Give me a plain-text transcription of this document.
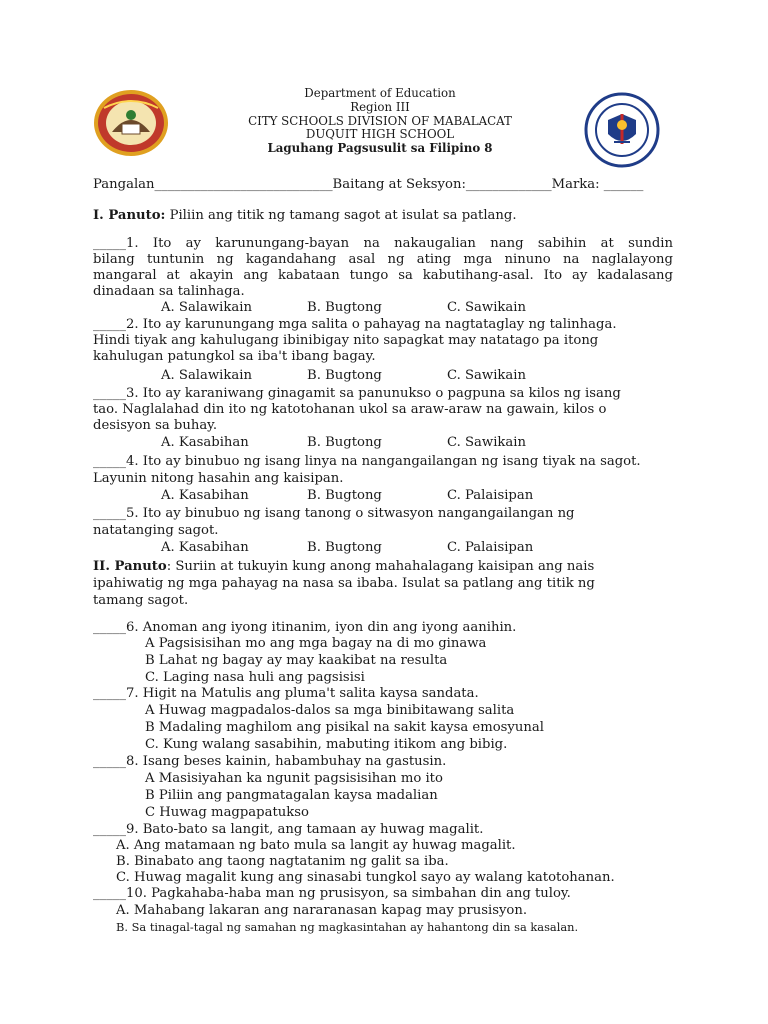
Department of Education
Region III
CITY SCHOOLS DIVISION OF MABALACAT
DUQUIT HIGH SCHOOL
Laguhang Pagsusulit sa Filipino 8
Pangalan___________________________Baitang at Seksyon:_____________Marka: ______
I. Panuto: Piliin ang titik ng tamang sagot at isulat sa patlang.
_____1. Ito ay karunungang-bayan na nakaugalian nang sabihin at sundin
bilang tuntunin ng kagandahang asal ng ating mga ninuno na naglalayong
mangaral at akayin ang kabataan tungo sa kabutihang-asal. Ito ay kadalasang
dinadaan sa talinhaga.
A. Salawikain	B. Bugtong	C. Sawikain
_____2. Ito ay karunungang mga salita o pahayag na nagtataglay ng talinhaga.
Hindi tiyak ang kahulugang ibinibigay nito sapagkat may natatago pa itong
kahulugan patungkol sa iba't ibang bagay.
A. Salawikain	B. Bugtong	C. Sawikain
_____3. Ito ay karaniwang ginagamit sa panunukso o pagpuna sa kilos ng isang
tao. Naglalahad din ito ng katotohanan ukol sa araw-araw na gawain, kilos o
desisyon sa buhay.
A. Kasabihan	B. Bugtong	C. Sawikain
_____4. Ito ay binubuo ng isang linya na nangangailangan ng isang tiyak na sagot.
Layunin nitong hasahin ang kaisipan.
A. Kasabihan	B. Bugtong	C. Palaisipan
_____5. Ito ay binubuo ng isang tanong o sitwasyon nangangailangan ng
natatanging sagot.
A. Kasabihan	B. Bugtong	C. Palaisipan
II. Panuto: Suriin at tukuyin kung anong mahahalagang kaisipan ang nais
ipahiwatig ng mga pahayag na nasa sa ibaba. Isulat sa patlang ang titik ng
tamang sagot.
_____6. Anoman ang iyong itinanim, iyon din ang iyong aanihin.
A Pagsisisihan mo ang mga bagay na di mo ginawa
B Lahat ng bagay ay may kaakibat na resulta
C. Laging nasa huli ang pagsisisi
_____7. Higit na Matulis ang pluma't salita kaysa sandata.
A Huwag magpadalos-dalos sa mga binibitawang salita
B Madaling maghilom ang pisikal na sakit kaysa emosyunal
C. Kung walang sasabihin, mabuting itikom ang bibig.
_____8. Isang beses kainin, habambuhay na gastusin.
A Masisiyahan ka ngunit pagsisisihan mo ito
B Piliin ang pangmatagalan kaysa madalian
C Huwag magpapatukso
_____9. Bato-bato sa langit, ang tamaan ay huwag magalit.
A. Ang matamaan ng bato mula sa langit ay huwag magalit.
B. Binabato ang taong nagtatanim ng galit sa iba.
C. Huwag magalit kung ang sinasabi tungkol sayo ay walang katotohanan.
_____10. Pagkahaba-haba man ng prusisyon, sa simbahan din ang tuloy.
A. Mahabang lakaran ang nararanasan kapag may prusisyon.
B. Sa tinagal-tagal ng samahan ng magkasintahan ay hahantong din sa kasalan.
